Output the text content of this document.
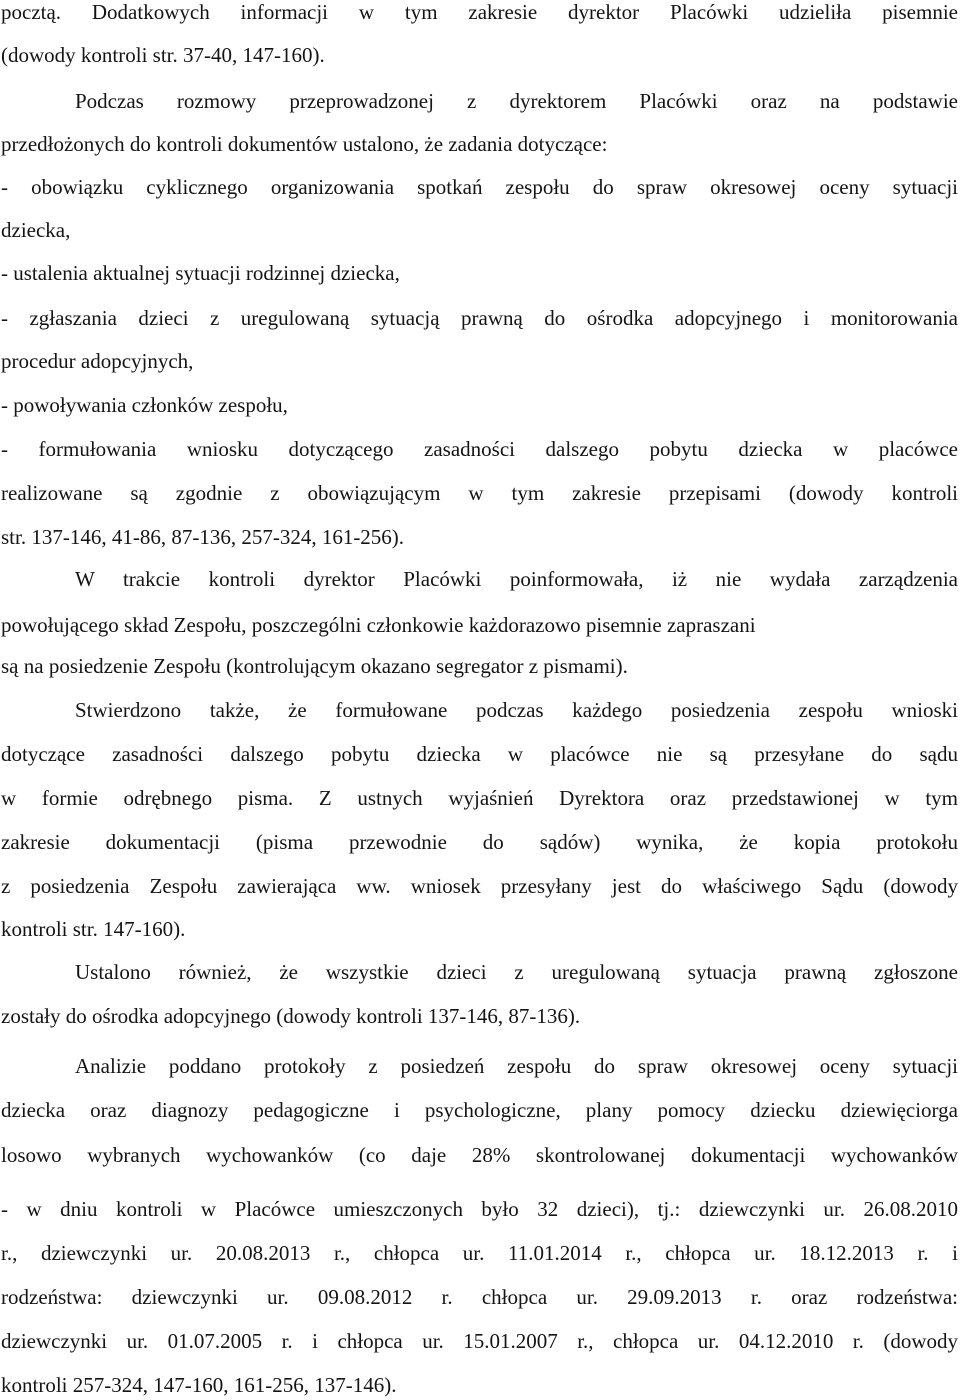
pocztą. Dodatkowych informacji w tym zakresie dyrektor Placówki udzieliła pisemnie
(dowody kontroli str. 37-40, 147-160).
Podczas rozmowy przeprowadzonej z dyrektorem Placówki oraz na podstawie
przedłożonych do kontroli dokumentów ustalono, że zadania dotyczące:
- obowiązku cyklicznego organizowania spotkań zespołu do spraw okresowej oceny sytuacji
dziecka,
- ustalenia aktualnej sytuacji rodzinnej dziecka,
- zgłaszania dzieci z uregulowaną sytuacją prawną do ośrodka adopcyjnego i monitorowania
procedur adopcyjnych,
- powoływania członków zespołu,
- formułowania wniosku dotyczącego zasadności dalszego pobytu dziecka w placówce
realizowane są zgodnie z obowiązującym w tym zakresie przepisami (dowody kontroli
str. 137-146, 41-86, 87-136, 257-324, 161-256).
W trakcie kontroli dyrektor Placówki poinformowała, iż nie wydała zarządzenia
powołującego skład Zespołu, poszczególni członkowie każdorazowo pisemnie zapraszani
są na posiedzenie Zespołu (kontrolującym okazano segregator z pismami).
Stwierdzono także, że formułowane podczas każdego posiedzenia zespołu wnioski
dotyczące zasadności dalszego pobytu dziecka w placówce nie są przesyłane do sądu
w formie odrębnego pisma. Z ustnych wyjaśnień Dyrektora oraz przedstawionej w tym
zakresie dokumentacji (pisma przewodnie do sądów) wynika, że kopia protokołu
z posiedzenia Zespołu zawierająca ww. wniosek przesyłany jest do właściwego Sądu (dowody
kontroli str. 147-160).
Ustalono również, że wszystkie dzieci z uregulowaną sytuacja prawną zgłoszone
zostały do ośrodka adopcyjnego (dowody kontroli 137-146, 87-136).
Analizie poddano protokoły z posiedzeń zespołu do spraw okresowej oceny sytuacji
dziecka oraz diagnozy pedagogiczne i psychologiczne, plany pomocy dziecku dziewięciorga
losowo wybranych wychowanków (co daje 28% skontrolowanej dokumentacji wychowanków
- w dniu kontroli w Placówce umieszczonych było 32 dzieci), tj.: dziewczynki ur. 26.08.2010
r., dziewczynki ur. 20.08.2013 r., chłopca ur. 11.01.2014 r., chłopca ur. 18.12.2013 r. i
rodzeństwa: dziewczynki ur. 09.08.2012 r. chłopca ur. 29.09.2013 r. oraz rodzeństwa:
dziewczynki ur. 01.07.2005 r. i chłopca ur. 15.01.2007 r., chłopca ur. 04.12.2010 r. (dowody
kontroli 257-324, 147-160, 161-256, 137-146).
